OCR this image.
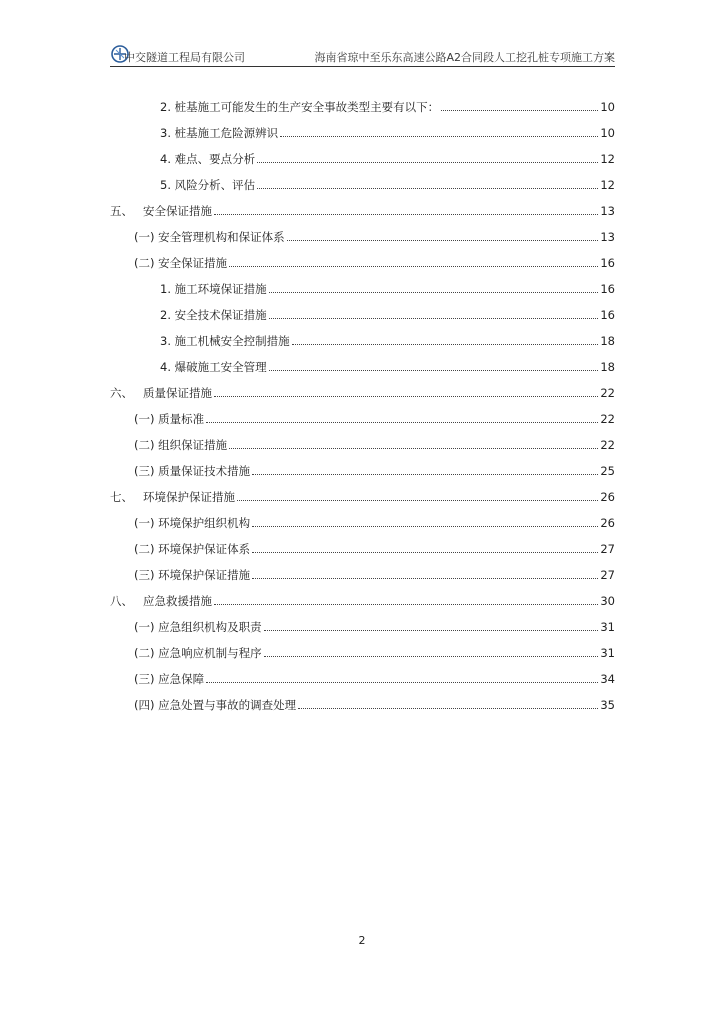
中交隧道工程局有限公司	海南省琼中至乐东高速公路A2合同段人工挖孔桩专项施工方案
2. 桩基施工可能发生的生产安全事故类型主要有以下：	10
3. 桩基施工危险源辨识	10
4. 难点、要点分析	12
5. 风险分析、评估	12
五、 安全保证措施	13
(一) 安全管理机构和保证体系	13
(二) 安全保证措施	16
1. 施工环境保证措施	16
2. 安全技术保证措施	16
3. 施工机械安全控制措施	18
4. 爆破施工安全管理	18
六、 质量保证措施	22
(一) 质量标准	22
(二) 组织保证措施	22
(三) 质量保证技术措施	25
七、 环境保护保证措施	26
(一) 环境保护组织机构	26
(二) 环境保护保证体系	27
(三) 环境保护保证措施	27
八、 应急救援措施	30
(一) 应急组织机构及职责	31
(二) 应急响应机制与程序	31
(三) 应急保障	34
(四) 应急处置与事故的调查处理	35
2
